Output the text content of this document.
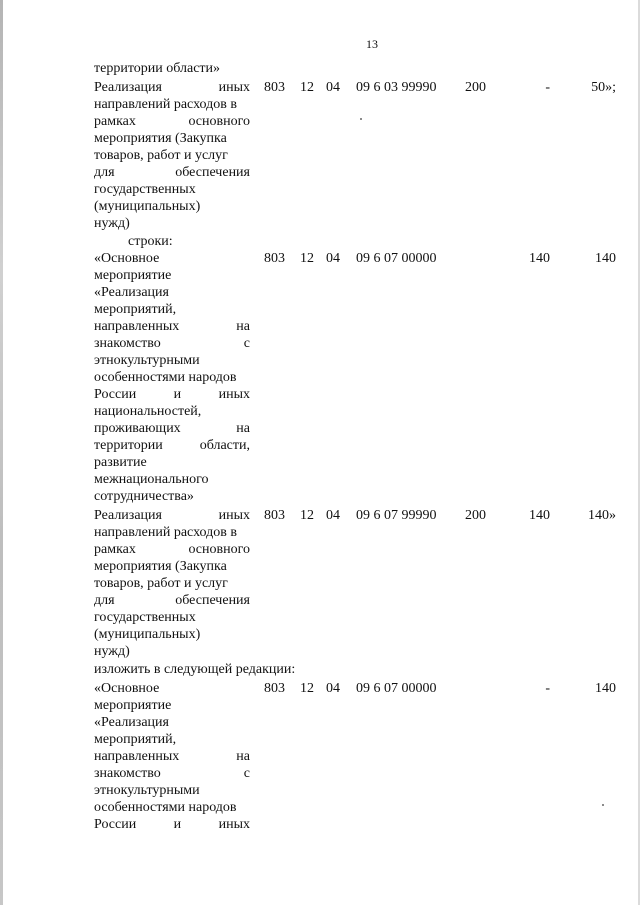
13
территории области»
Реализация иных
направлений расходов в
рамках основного
мероприятия (Закупка
товаров, работ и услуг
для обеспечения
государственных
(муниципальных)
нужд)
803 12 04 09 6 03 99990 200	-	50»;
строки:
«Основное
мероприятие
«Реализация
мероприятий,
направленных на
знакомство с
этнокультурными
особенностями народов
России и иных
национальностей,
проживающих на
территории области,
развитие
межнационального
сотрудничества»
803 12 04 09 6 07 00000	140	140
Реализация иных
направлений расходов в
рамках основного
мероприятия (Закупка
товаров, работ и услуг
для обеспечения
государственных
(муниципальных)
нужд)
803 12 04 09 6 07 99990 200	140	140»
изложить в следующей редакции:
«Основное
мероприятие
«Реализация
мероприятий,
направленных на
знакомство с
этнокультурными
особенностями народов
России и иных
803 12 04 09 6 07 00000	-	140
